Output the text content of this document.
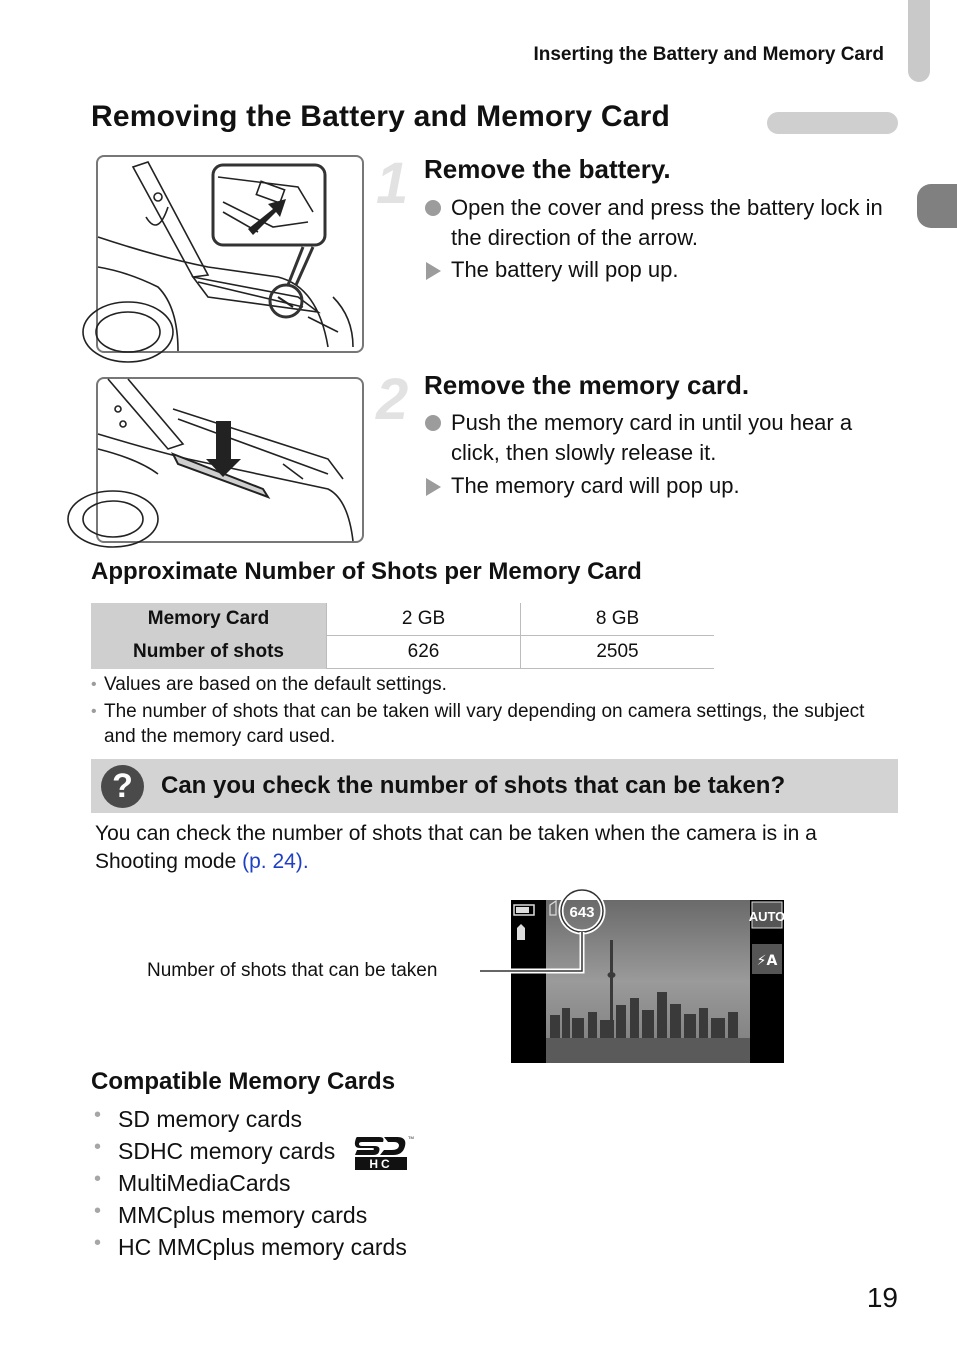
Inserting the Battery and Memory Card
Removing the Battery and Memory Card
1 Remove the battery.
Open the cover and press the battery lock in the direction of the arrow.
The battery will pop up.
2 Remove the memory card.
Push the memory card in until you hear a click, then slowly release it.
The memory card will pop up.
Approximate Number of Shots per Memory Card
Memory Card	2 GB	8 GB
Number of shots	626	2505
• Values are based on the default settings.
• The number of shots that can be taken will vary depending on camera settings, the subject and the memory card used.
?	Can you check the number of shots that can be taken?
You can check the number of shots that can be taken when the camera is in a Shooting mode (p. 24).
Number of shots that can be taken
643	AUTO
⚡A
Compatible Memory Cards
• SD memory cards
• SDHC memory cards	HC
TM
• MultiMediaCards
• MMCplus memory cards
• HC MMCplus memory cards
19
